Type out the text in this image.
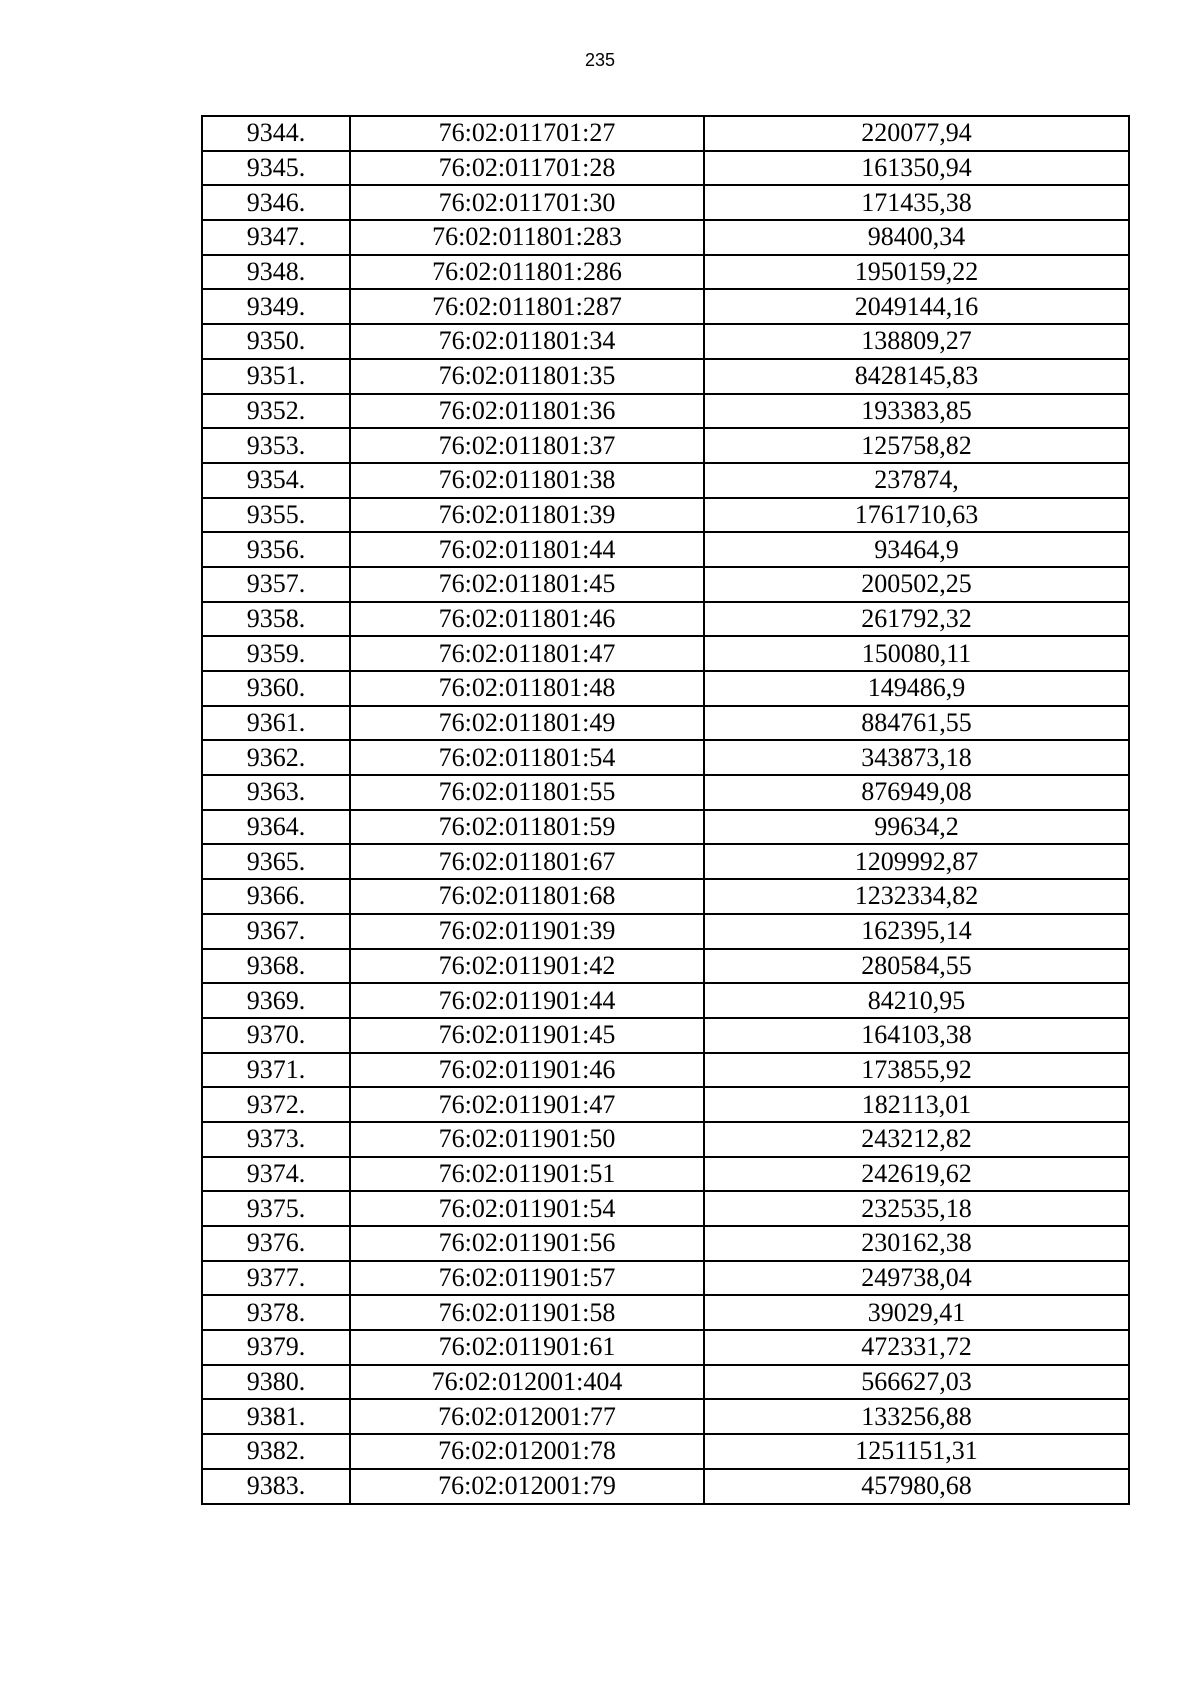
235
9344.	76:02:011701:27	220077,94
9345.	76:02:011701:28	161350,94
9346.	76:02:011701:30	171435,38
9347.	76:02:011801:283	98400,34
9348.	76:02:011801:286	1950159,22
9349.	76:02:011801:287	2049144,16
9350.	76:02:011801:34	138809,27
9351.	76:02:011801:35	8428145,83
9352.	76:02:011801:36	193383,85
9353.	76:02:011801:37	125758,82
9354.	76:02:011801:38	237874,
9355.	76:02:011801:39	1761710,63
9356.	76:02:011801:44	93464,9
9357.	76:02:011801:45	200502,25
9358.	76:02:011801:46	261792,32
9359.	76:02:011801:47	150080,11
9360.	76:02:011801:48	149486,9
9361.	76:02:011801:49	884761,55
9362.	76:02:011801:54	343873,18
9363.	76:02:011801:55	876949,08
9364.	76:02:011801:59	99634,2
9365.	76:02:011801:67	1209992,87
9366.	76:02:011801:68	1232334,82
9367.	76:02:011901:39	162395,14
9368.	76:02:011901:42	280584,55
9369.	76:02:011901:44	84210,95
9370.	76:02:011901:45	164103,38
9371.	76:02:011901:46	173855,92
9372.	76:02:011901:47	182113,01
9373.	76:02:011901:50	243212,82
9374.	76:02:011901:51	242619,62
9375.	76:02:011901:54	232535,18
9376.	76:02:011901:56	230162,38
9377.	76:02:011901:57	249738,04
9378.	76:02:011901:58	39029,41
9379.	76:02:011901:61	472331,72
9380.	76:02:012001:404	566627,03
9381.	76:02:012001:77	133256,88
9382.	76:02:012001:78	1251151,31
9383.	76:02:012001:79	457980,68
